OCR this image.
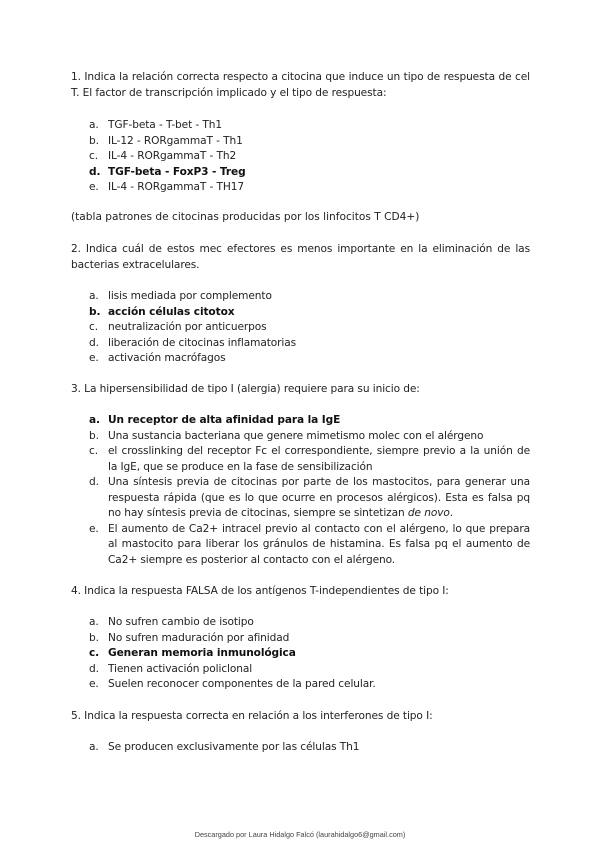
1. Indica la relación correcta respecto a citocina que induce un tipo de respuesta de cel T. El factor de transcripción implicado y el tipo de respuesta:
a. TGF-beta - T-bet - Th1
b. IL-12 - RORgammaT - Th1
c. IL-4 - RORgammaT - Th2
d. TGF-beta - FoxP3 - Treg
e. IL-4 - RORgammaT - TH17
(tabla patrones de citocinas producidas por los linfocitos T CD4+)
2. Indica cuál de estos mec efectores es menos importante en la eliminación de las bacterias extracelulares.
a. lisis mediada por complemento
b. acción células citotox
c. neutralización por anticuerpos
d. liberación de citocinas inflamatorias
e. activación macrófagos
3. La hipersensibilidad de tipo I (alergia) requiere para su inicio de:
a. Un receptor de alta afinidad para la IgE
b. Una sustancia bacteriana que genere mimetismo molec con el alérgeno
c. el crosslinking del receptor Fc el correspondiente, siempre previo a la unión de la IgE, que se produce en la fase de sensibilización
d. Una síntesis previa de citocinas por parte de los mastocitos, para generar una respuesta rápida (que es lo que ocurre en procesos alérgicos). Esta es falsa pq no hay síntesis previa de citocinas, siempre se sintetizan de novo.
e. El aumento de Ca2+ intracel previo al contacto con el alérgeno, lo que prepara al mastocito para liberar los gránulos de histamina. Es falsa pq el aumento de Ca2+ siempre es posterior al contacto con el alérgeno.
4. Indica la respuesta FALSA de los antígenos T-independientes de tipo I:
a. No sufren cambio de isotipo
b. No sufren maduración por afinidad
c. Generan memoria inmunológica
d. Tienen activación policlonal
e. Suelen reconocer componentes de la pared celular.
5. Indica la respuesta correcta en relación a los interferones de tipo I:
a. Se producen exclusivamente por las células Th1
Descargado por Laura Hidalgo Falcó (laurahidalgo6@gmail.com)
